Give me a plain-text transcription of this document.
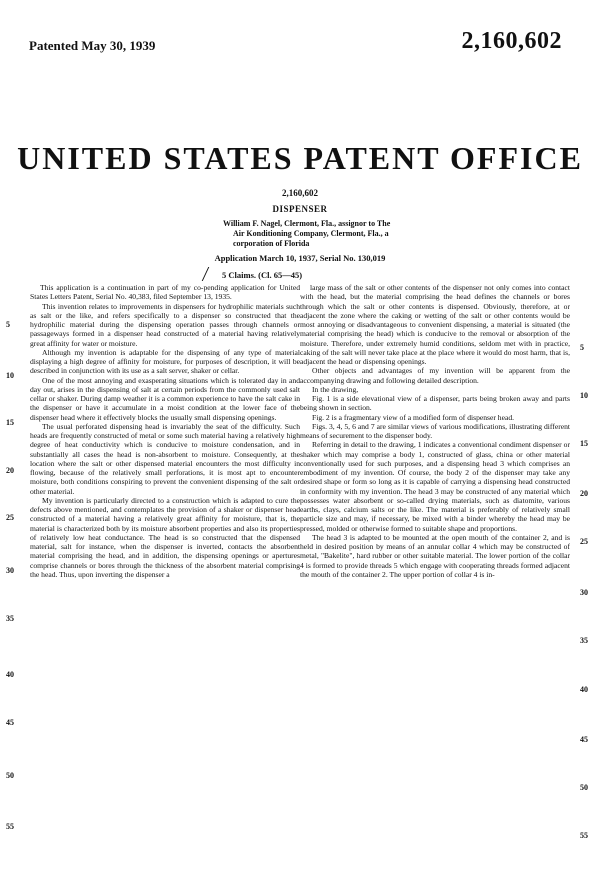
Patented May 30, 1939	2,160,602
UNITED STATES PATENT OFFICE
2,160,602
DISPENSER
William F. Nagel, Clermont, Fla., assignor to The
Air Konditioning Company, Clermont, Fla., a
corporation of Florida
Application March 10, 1937, Serial No. 130,019
5 Claims. (Cl. 65—45)

This application is a continuation in part of my co-pending application for United States Letters Patent, Serial No. 40,383, filed September 13, 1935.

This invention relates to improvements in dispensers for hydrophilic materials such as salt or the like, and refers specifically to a dispenser so constructed that the hydrophilic material during the dispensing operation passes through channels or passageways formed in a dispenser head constructed of a material having relatively great affinity for water or moisture.

Although my invention is adaptable for the dispensing of any type of material displaying a high degree of affinity for moisture, for purposes of description, it will be described in conjunction with its use as a salt server, shaker or cellar.

One of the most annoying and exasperating situations which is tolerated day in and day out, arises in the dispensing of salt at certain periods from the commonly used salt cellar or shaker. During damp weather it is a common experience to have the salt cake in the dispenser or have it accumulate in a moist condition at the lower face of the dispenser head where it effectively blocks the usually small dispensing openings.

The usual perforated dispensing head is invariably the seat of the difficulty. Such heads are frequently constructed of metal or some such material having a relatively high degree of heat conductivity which is conducive to moisture condensation, and in substantially all cases the head is non-absorbent to moisture. Consequently, at the location where the salt or other dispensed material encounters the most difficulty in flowing, because of the relatively small perforations, it is most apt to encounter moisture, both conditions conspiring to prevent the convenient dispensing of the salt or other material.

My invention is particularly directed to a construction which is adapted to cure the defects above mentioned, and contemplates the provision of a shaker or dispenser head constructed of a material having a relatively great affinity for moisture, that is, the material is characterized both by its moisture absorbent properties and also its properties of relatively low heat conductance. The head is so constructed that the dispensed material, salt for instance, when the dispenser is inverted, contacts the absorbent material comprising the head, and in addition, the dispensing openings or apertures comprise channels or bores through the thickness of the absorbent material comprising the head. Thus, upon inverting the dispenser a

large mass of the salt or other contents of the dispenser not only comes into contact with the head, but the material comprising the head defines the channels or bores through which the salt or other contents is dispensed. Obviously, therefore, at or adjacent the zone where the caking or wetting of the salt or other contents would be most annoying or disadvantageous to convenient dispensing, a material is situated (the material comprising the head) which is conducive to the removal or absorption of the moisture. Therefore, under extremely humid conditions, seldom met with in practice, caking of the salt will never take place at the place where it would do most harm, that is, adjacent the head or dispensing openings.

Other objects and advantages of my invention will be apparent from the accompanying drawing and following detailed description.

In the drawing,

Fig. 1 is a side elevational view of a dispenser, parts being broken away and parts being shown in section.

Fig. 2 is a fragmentary view of a modified form of dispenser head.

Figs. 3, 4, 5, 6 and 7 are similar views of various modifications, illustrating different means of securement to the dispenser body.

Referring in detail to the drawing, 1 indicates a conventional condiment dispenser or shaker which may comprise a body 1, constructed of glass, china or other material conventionally used for such purposes, and a dispensing head 3 which comprises an embodiment of my invention. Of course, the body 2 of the dispenser may take any desired shape or form so long as it is capable of carrying a dispensing head constructed in conformity with my invention. The head 3 may be constructed of any material which possesses water absorbent or so-called drying materials, such as diatomite, various earths, clays, calcium salts or the like. The material is preferably of relatively small particle size and may, if necessary, be mixed with a binder whereby the head may be pressed, molded or otherwise formed to suitable shape and proportions.

The head 3 is adapted to be mounted at the open mouth of the container 2, and is held in desired position by means of an annular collar 4 which may be constructed of metal, "Bakelite", hard rubber or other suitable material. The lower portion of the collar 4 is formed to provide threads 5 which engage with cooperating threads formed adjacent the mouth of the container 2. The upper portion of collar 4 is in-

5
10
15
20
25
30
35
40
45
50
55
5
10
15
20
25
30
35
40
45
50
55
